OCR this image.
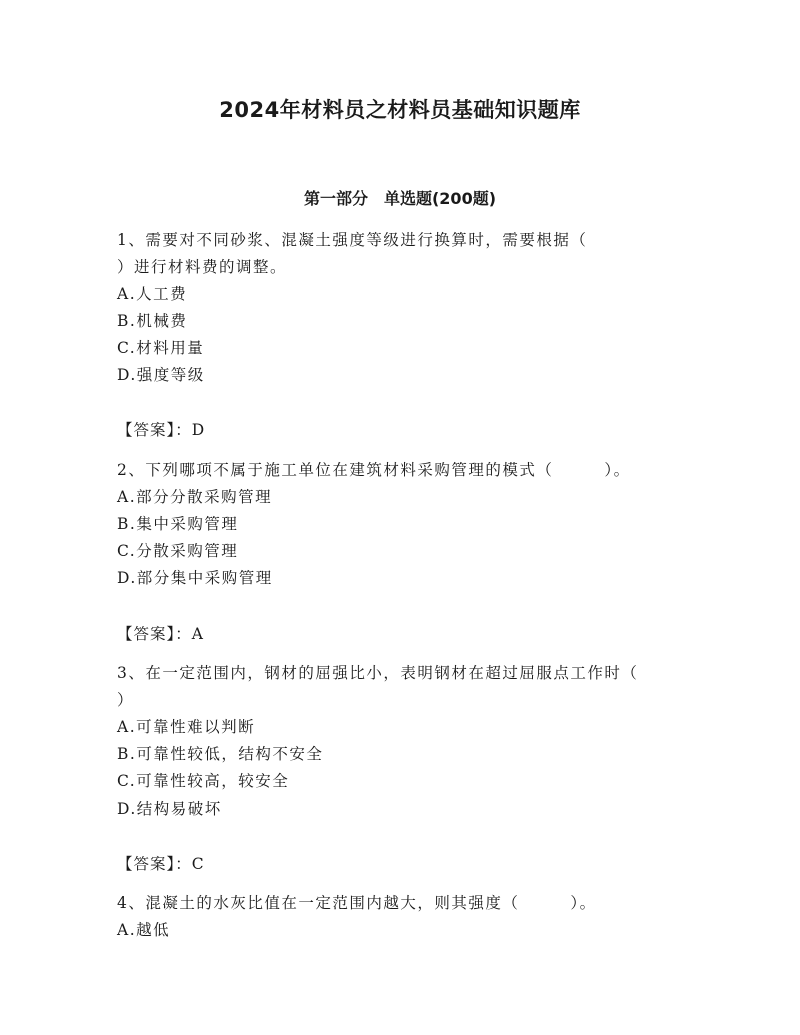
2024年材料员之材料员基础知识题库
第一部分　单选题(200题)
1、需要对不同砂浆、混凝土强度等级进行换算时，需要根据（
）进行材料费的调整。
A.人工费
B.机械费
C.材料用量
D.强度等级
【答案】：D
2、下列哪项不属于施工单位在建筑材料采购管理的模式（　　　）。
A.部分分散采购管理
B.集中采购管理
C.分散采购管理
D.部分集中采购管理
【答案】：A
3、在一定范围内，钢材的屈强比小，表明钢材在超过屈服点工作时（
）
A.可靠性难以判断
B.可靠性较低，结构不安全
C.可靠性较高，较安全
D.结构易破坏
【答案】：C
4、混凝土的水灰比值在一定范围内越大，则其强度（　　　）。
A.越低
